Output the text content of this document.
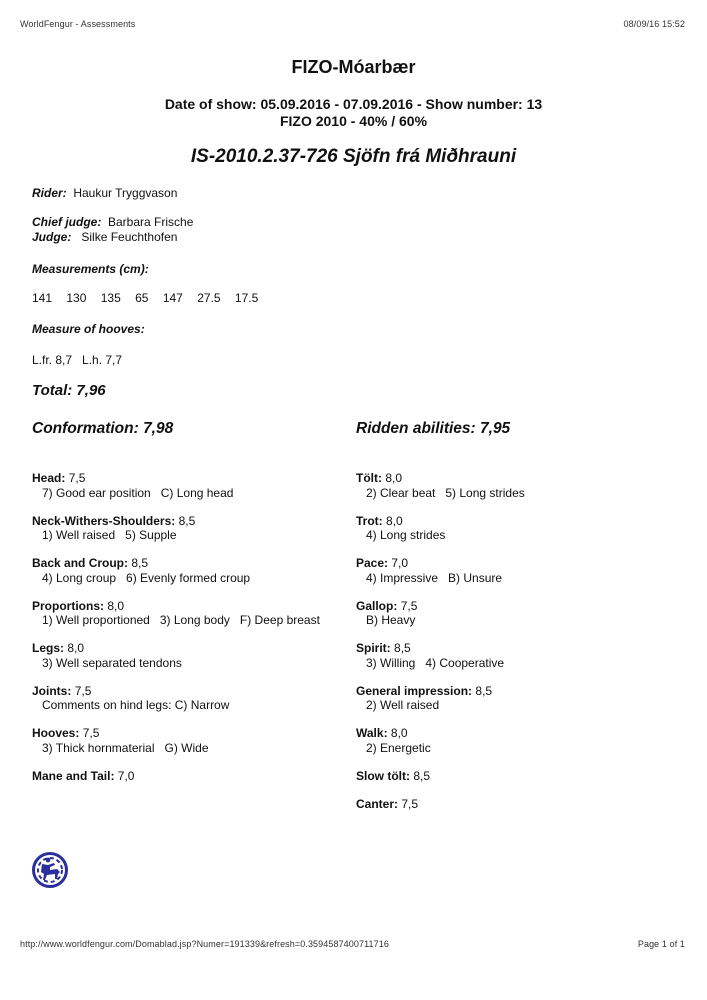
WorldFengur - Assessments	08/09/16 15:52
FIZO-Móarbær
Date of show: 05.09.2016 - 07.09.2016 - Show number: 13
FIZO 2010 - 40% / 60%
IS-2010.2.37-726 Sjöfn frá Miðhrauni
Rider: Haukur Tryggvason
Chief judge: Barbara Frische
Judge: Silke Feuchthofen
Measurements (cm):
141 130 135 65 147 27.5 17.5
Measure of hooves:
L.fr. 8,7   L.h. 7,7
Total: 7,96
Conformation: 7,98	Ridden abilities: 7,95
Head: 7,5
7) Good ear position   C) Long head
Neck-Withers-Shoulders: 8,5
1) Well raised   5) Supple
Back and Croup: 8,5
4) Long croup   6) Evenly formed croup
Proportions: 8,0
1) Well proportioned   3) Long body   F) Deep breast
Legs: 8,0
3) Well separated tendons
Joints: 7,5
Comments on hind legs: C) Narrow
Hooves: 7,5
3) Thick hornmaterial   G) Wide
Mane and Tail: 7,0
Tölt: 8,0
2) Clear beat   5) Long strides
Trot: 8,0
4) Long strides
Pace: 7,0
4) Impressive   B) Unsure
Gallop: 7,5
B) Heavy
Spirit: 8,5
3) Willing   4) Cooperative
General impression: 8,5
2) Well raised
Walk: 8,0
2) Energetic
Slow tölt: 8,5
Canter: 7,5
http://www.worldfengur.com/Domablad.jsp?Numer=191339&refresh=0.3594587400711716	Page 1 of 1
